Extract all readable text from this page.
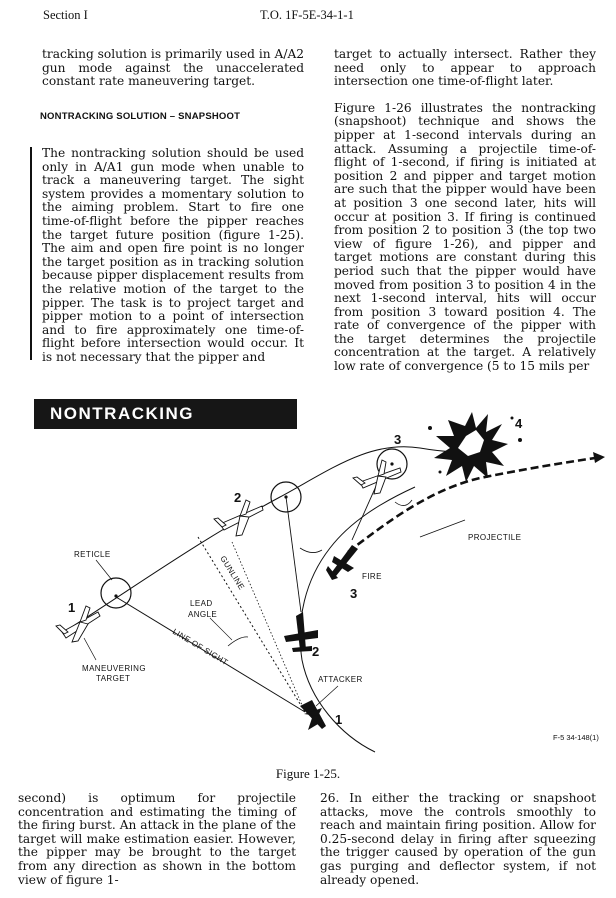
Section I	T.O. 1F-5E-34-1-1

tracking solution is primarily used in A/A2 gun mode against the unaccelerated constant rate maneuvering target.

NONTRACKING SOLUTION – SNAPSHOOT

The nontracking solution should be used only in A/A1 gun mode when unable to track a maneuvering target. The sight system provides a momentary solution to the aiming problem. Start to fire one time-of-flight before the pipper reaches the target future position (figure 1-25). The aim and open fire point is no longer the target position as in tracking solution because pipper displacement results from the relative motion of the target to the pipper. The task is to project target and pipper motion to a point of intersection and to fire approximately one time-of-flight before intersection would occur. It is not necessary that the pipper and

target to actually intersect. Rather they need only to appear to approach intersection one time-of-flight later.

Figure 1-26 illustrates the nontracking (snapshoot) technique and shows the pipper at 1-second intervals during an attack. Assuming a projectile time-of-flight of 1-second, if firing is initiated at position 2 and pipper and target motion are such that the pipper would have been at position 3 one second later, hits will occur at position 3. If firing is continued from position 2 to position 3 (the top two view of figure 1-26), and pipper and target motions are constant during this period such that the pipper would have moved from position 3 to position 4 in the next 1-second interval, hits will occur from position 3 toward position 4. The rate of convergence of the pipper with the target determines the projectile concentration at the target. A relatively low rate of convergence (5 to 15 mils per

NONTRACKING SOLUTION
RETICLE
LEAD
ANGLE
GUNLINE
LINE OF SIGHT
MANEUVERING
TARGET	ATTACKER
PROJECTILE
FIRE
1
2
3
4
1
2
3
F-5 34-148(1)
Figure 1-25.

second) is optimum for projectile concentration and estimating the timing of the firing burst. An attack in the plane of the target will make estimation easier. However, the pipper may be brought to the target from any direction as shown in the bottom view of figure 1-

26. In either the tracking or snapshoot attacks, move the controls smoothly to reach and maintain firing position. Allow for 0.25-second delay in firing after squeezing the trigger caused by operation of the gun gas purging and deflector system, if not already opened.
